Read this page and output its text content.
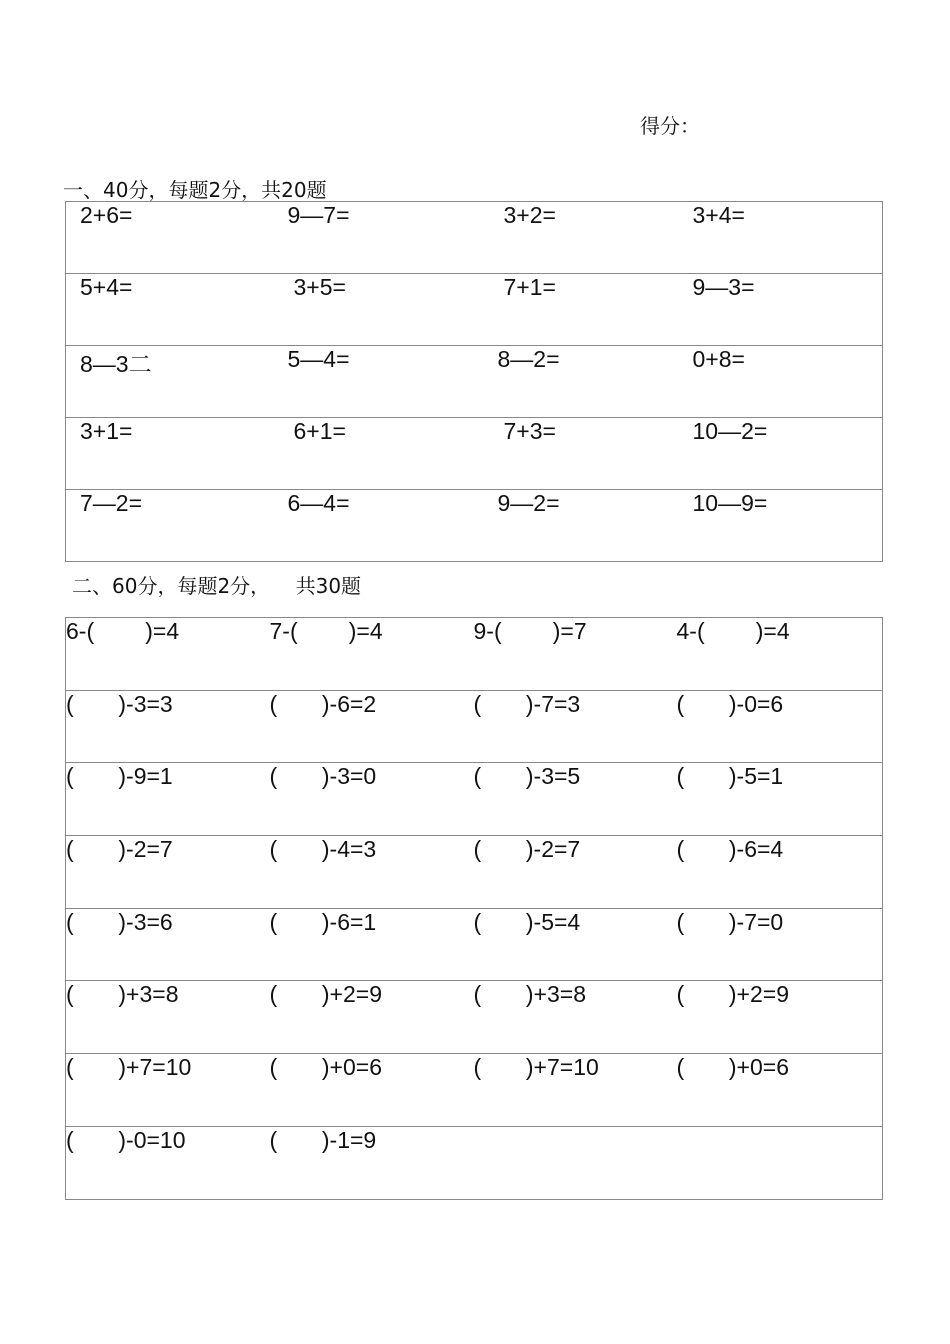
得分：
一、40分，每题2分，共20题
2+6=	9—7=	3+2=	3+4=
5+4=	3+5=	7+1=	9—3=
8—3二	5—4=	8—2=	0+8=
3+1=	6+1=	7+3=	10—2=
7—2=	6—4=	9—2=	10—9=
二、60分，每题2分，    共30题
6-(        )=4	7-(        )=4	9-(        )=7	4-(        )=4
(       )-3=3	(       )-6=2	(       )-7=3	(       )-0=6
(       )-9=1	(       )-3=0	(       )-3=5	(       )-5=1
(       )-2=7	(       )-4=3	(       )-2=7	(       )-6=4
(       )-3=6	(       )-6=1	(       )-5=4	(       )-7=0
(       )+3=8	(       )+2=9	(       )+3=8	(       )+2=9
(       )+7=10	(       )+0=6	(       )+7=10	(       )+0=6
(       )-0=10	(       )-1=9		
